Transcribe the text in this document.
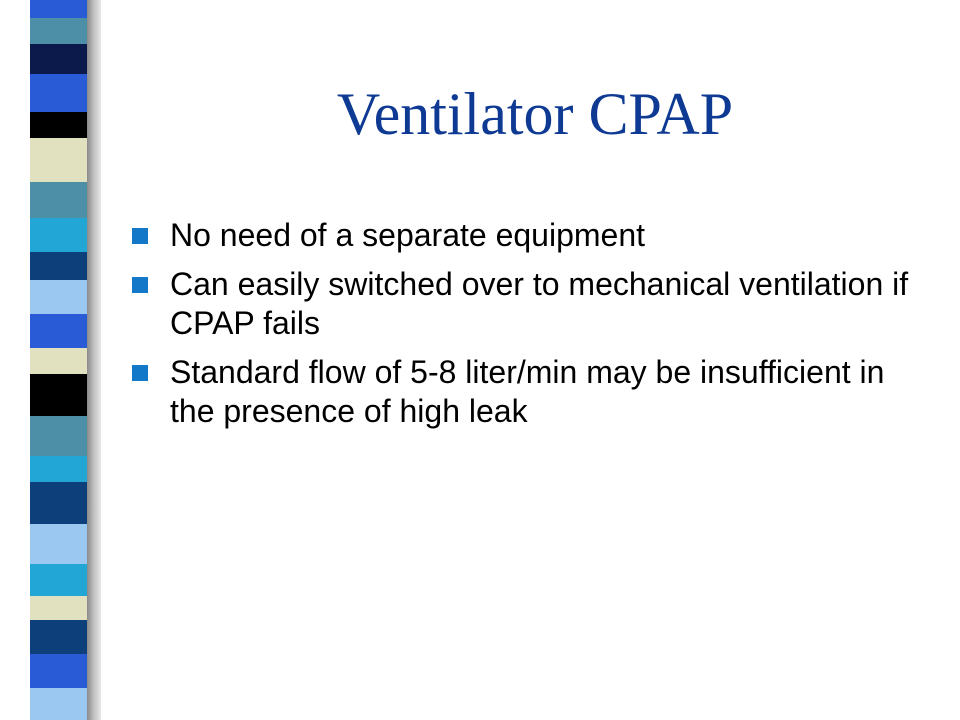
Ventilator CPAP
No need of a separate equipment
Can easily switched over to mechanical ventilation if CPAP fails
Standard flow of 5-8 liter/min may be insufficient in the presence of high leak
